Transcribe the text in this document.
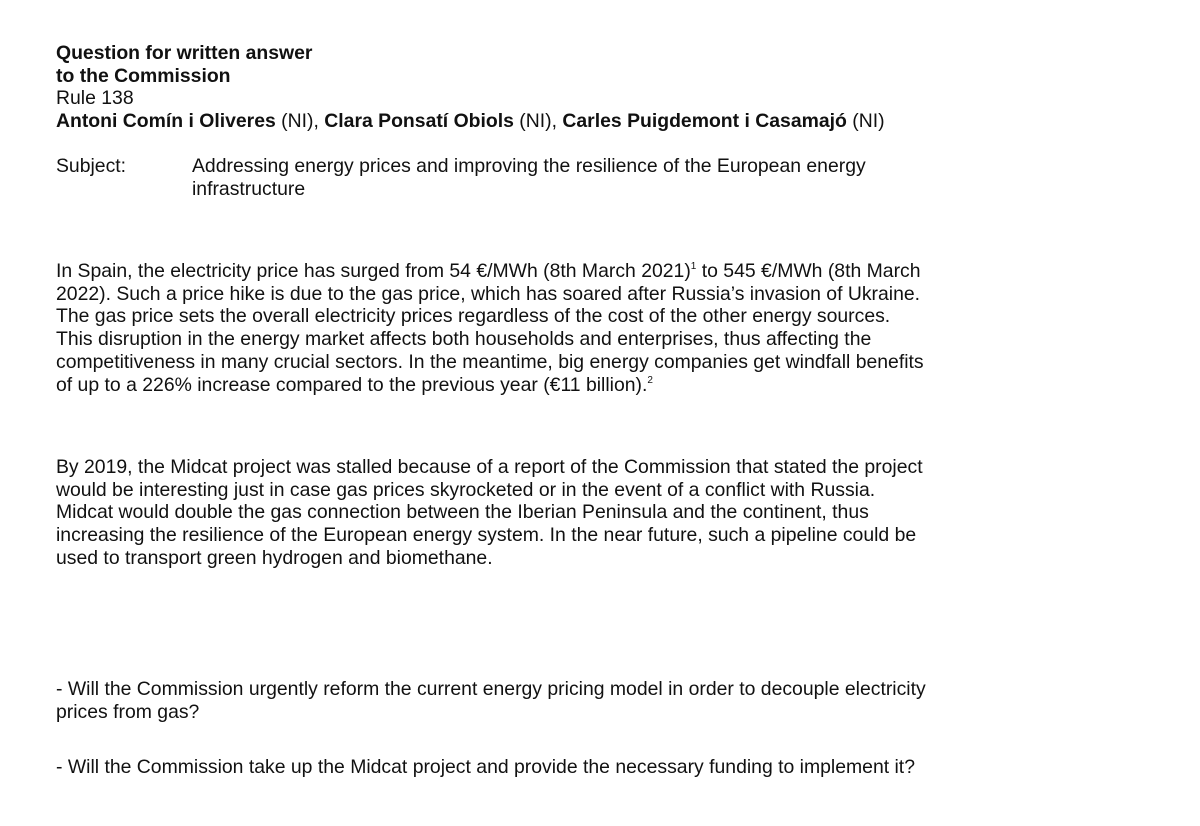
Question for written answer
to the Commission
Rule 138
Antoni Comín i Oliveres (NI), Clara Ponsatí Obiols (NI), Carles Puigdemont i Casamajó (NI)
Subject:	Addressing energy prices and improving the resilience of the European energy
infrastructure

In Spain, the electricity price has surged from 54 €/MWh (8th March 2021)$^1$ to 545 €/MWh (8th March
2022). Such a price hike is due to the gas price, which has soared after Russia’s invasion of Ukraine.
The gas price sets the overall electricity prices regardless of the cost of the other energy sources.
This disruption in the energy market affects both households and enterprises, thus affecting the
competitiveness in many crucial sectors. In the meantime, big energy companies get windfall benefits
of up to a 226% increase compared to the previous year (€11 billion).$^2$

By 2019, the Midcat project was stalled because of a report of the Commission that stated the project
would be interesting just in case gas prices skyrocketed or in the event of a conflict with Russia.
Midcat would double the gas connection between the Iberian Peninsula and the continent, thus
increasing the resilience of the European energy system. In the near future, such a pipeline could be
used to transport green hydrogen and biomethane.

- Will the Commission urgently reform the current energy pricing model in order to decouple electricity
prices from gas?

- Will the Commission take up the Midcat project and provide the necessary funding to implement it?
